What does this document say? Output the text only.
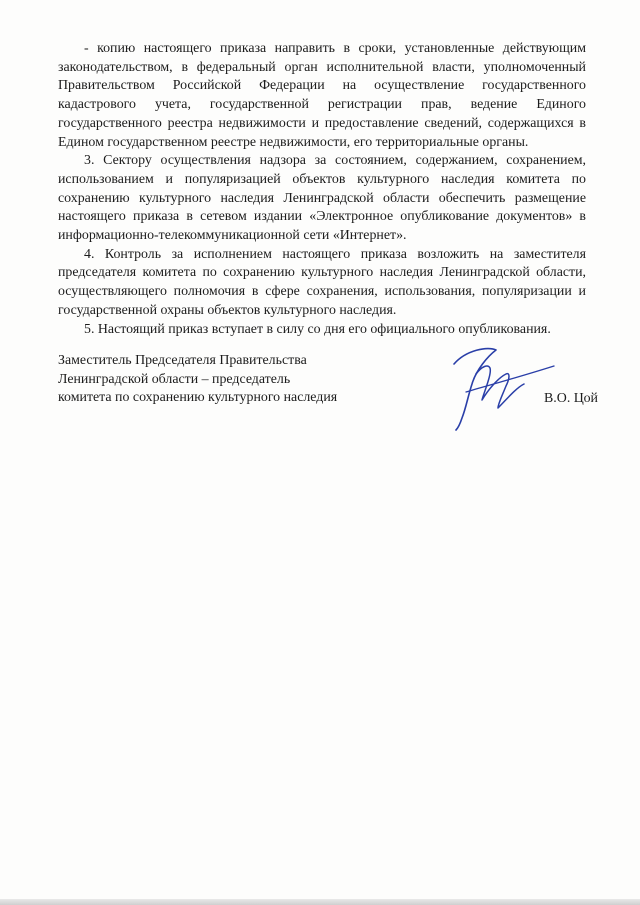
- копию настоящего приказа направить в сроки, установленные действующим законодательством, в федеральный орган исполнительной власти, уполномоченный Правительством Российской Федерации на осуществление государственного кадастрового учета, государственной регистрации прав, ведение Единого государственного реестра недвижимости и предоставление сведений, содержащихся в Едином государственном реестре недвижимости, его территориальные органы.

3. Сектору осуществления надзора за состоянием, содержанием, сохранением, использованием и популяризацией объектов культурного наследия комитета по сохранению культурного наследия Ленинградской области обеспечить размещение настоящего приказа в сетевом издании «Электронное опубликование документов» в информационно-телекоммуникационной сети «Интернет».

4. Контроль за исполнением настоящего приказа возложить на заместителя председателя комитета по сохранению культурного наследия Ленинградской области, осуществляющего полномочия в сфере сохранения, использования, популяризации и государственной охраны объектов культурного наследия.

5. Настоящий приказ вступает в силу со дня его официального опубликования.

Заместитель Председателя Правительства
Ленинградской области – председатель
комитета по сохранению культурного наследия	В.О. Цой
